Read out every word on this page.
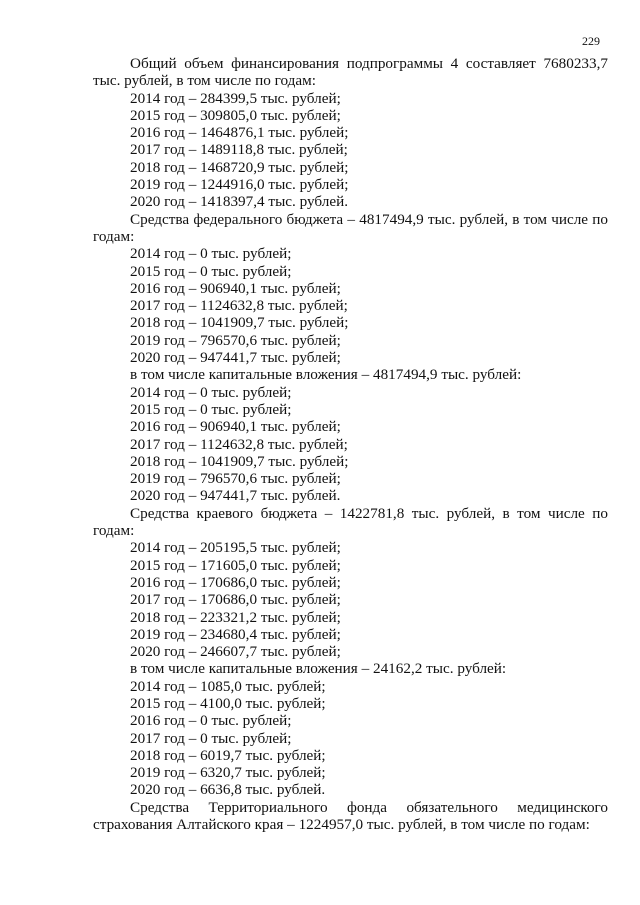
229
Общий объем финансирования подпрограммы 4 составляет 7680233,7 тыс. рублей, в том числе по годам:
2014 год – 284399,5 тыс. рублей;
2015 год – 309805,0 тыс. рублей;
2016 год – 1464876,1 тыс. рублей;
2017 год – 1489118,8 тыс. рублей;
2018 год – 1468720,9 тыс. рублей;
2019 год – 1244916,0 тыс. рублей;
2020 год – 1418397,4 тыс. рублей.
Средства федерального бюджета – 4817494,9 тыс. рублей, в том числе по годам:
2014 год – 0 тыс. рублей;
2015 год – 0 тыс. рублей;
2016 год – 906940,1 тыс. рублей;
2017 год – 1124632,8 тыс. рублей;
2018 год – 1041909,7 тыс. рублей;
2019 год – 796570,6 тыс. рублей;
2020 год – 947441,7 тыс. рублей;
в том числе капитальные вложения – 4817494,9 тыс. рублей:
2014 год – 0 тыс. рублей;
2015 год – 0 тыс. рублей;
2016 год – 906940,1 тыс. рублей;
2017 год – 1124632,8 тыс. рублей;
2018 год – 1041909,7 тыс. рублей;
2019 год – 796570,6 тыс. рублей;
2020 год – 947441,7 тыс. рублей.
Средства краевого бюджета – 1422781,8 тыс. рублей, в том числе по годам:
2014 год – 205195,5 тыс. рублей;
2015 год – 171605,0 тыс. рублей;
2016 год – 170686,0 тыс. рублей;
2017 год – 170686,0 тыс. рублей;
2018 год – 223321,2 тыс. рублей;
2019 год – 234680,4 тыс. рублей;
2020 год – 246607,7 тыс. рублей;
в том числе капитальные вложения – 24162,2 тыс. рублей:
2014 год – 1085,0 тыс. рублей;
2015 год – 4100,0 тыс. рублей;
2016 год – 0 тыс. рублей;
2017 год – 0 тыс. рублей;
2018 год – 6019,7 тыс. рублей;
2019 год – 6320,7 тыс. рублей;
2020 год – 6636,8 тыс. рублей.
Средства Территориального фонда обязательного медицинского страхования Алтайского края – 1224957,0 тыс. рублей, в том числе по годам:
